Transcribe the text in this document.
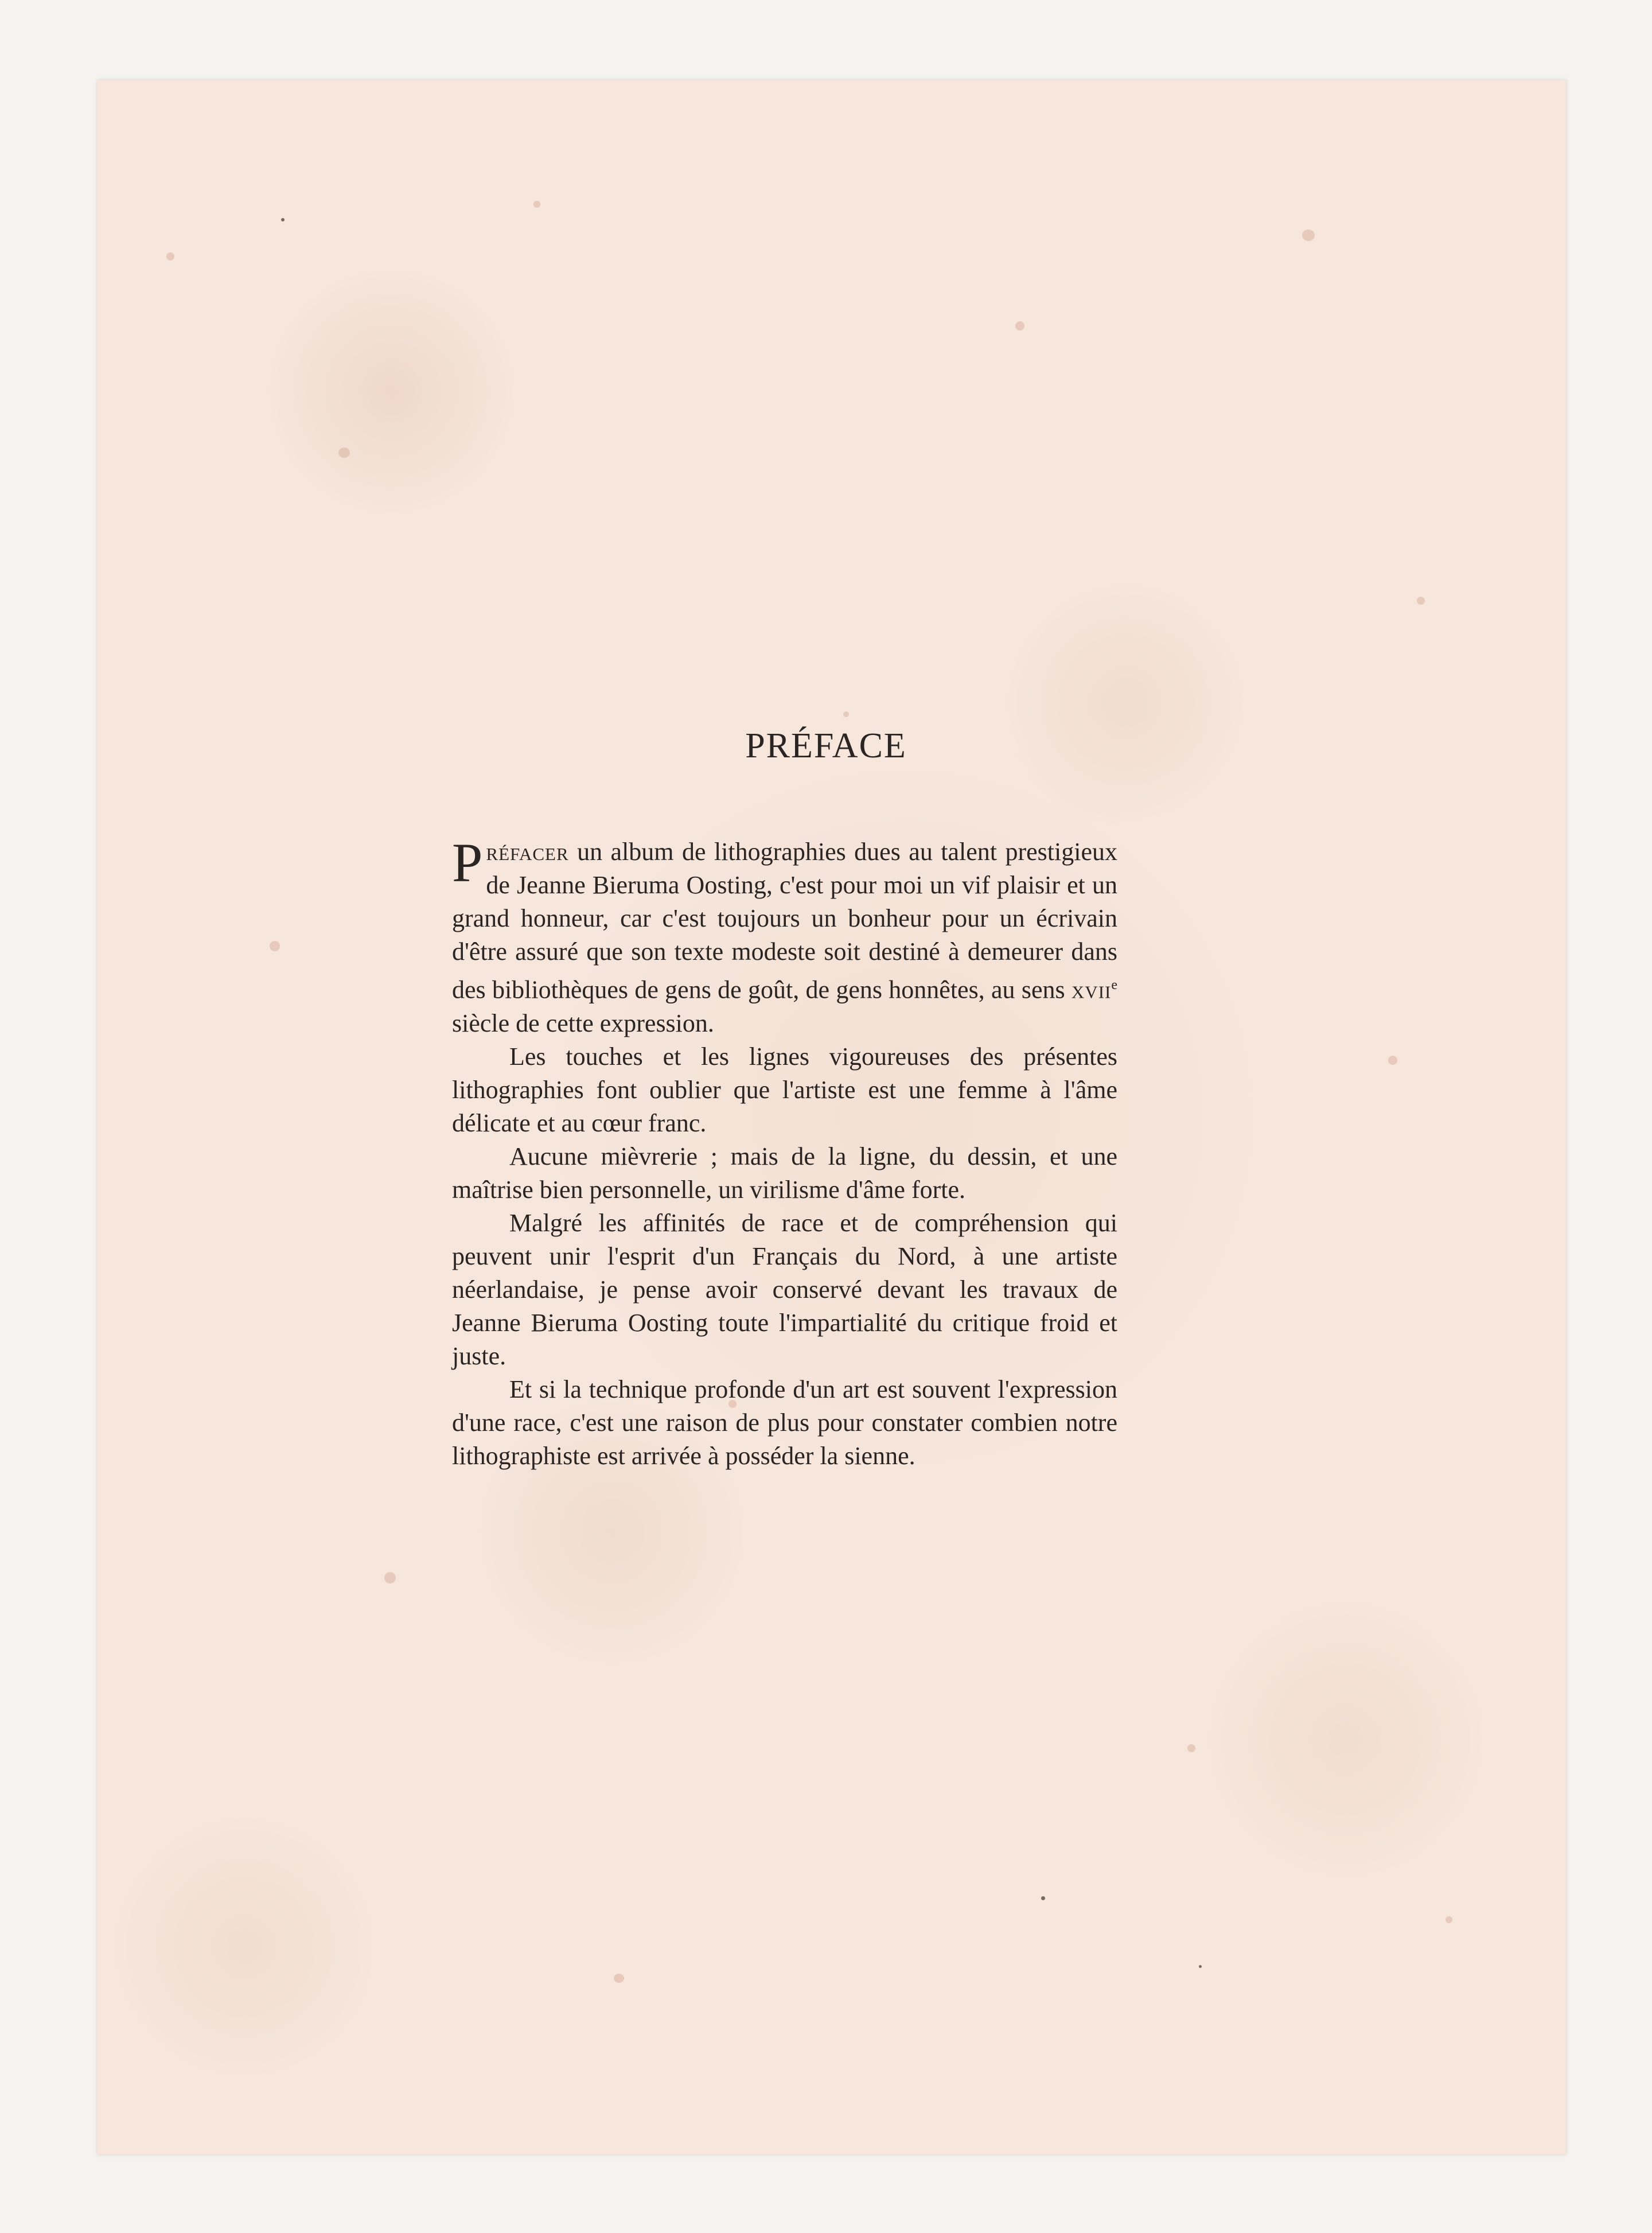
PRÉFACE

Préfacer un album de lithographies dues au talent prestigieux de Jeanne Bieruma Oosting, c'est pour moi un vif plaisir et un grand honneur, car c'est toujours un bonheur pour un écrivain d'être assuré que son texte modeste soit destiné à demeurer dans des bibliothèques de gens de goût, de gens honnêtes, au sens xvii$^e$ siècle de cette expression.

Les touches et les lignes vigoureuses des présentes lithographies font oublier que l'artiste est une femme à l'âme délicate et au cœur franc.

Aucune mièvrerie ; mais de la ligne, du dessin, et une maîtrise bien personnelle, un virilisme d'âme forte.

Malgré les affinités de race et de compréhension qui peuvent unir l'esprit d'un Français du Nord, à une artiste néerlandaise, je pense avoir conservé devant les travaux de Jeanne Bieruma Oosting toute l'impartialité du critique froid et juste.

Et si la technique profonde d'un art est souvent l'expression d'une race, c'est une raison de plus pour constater combien notre lithographiste est arrivée à posséder la sienne.
